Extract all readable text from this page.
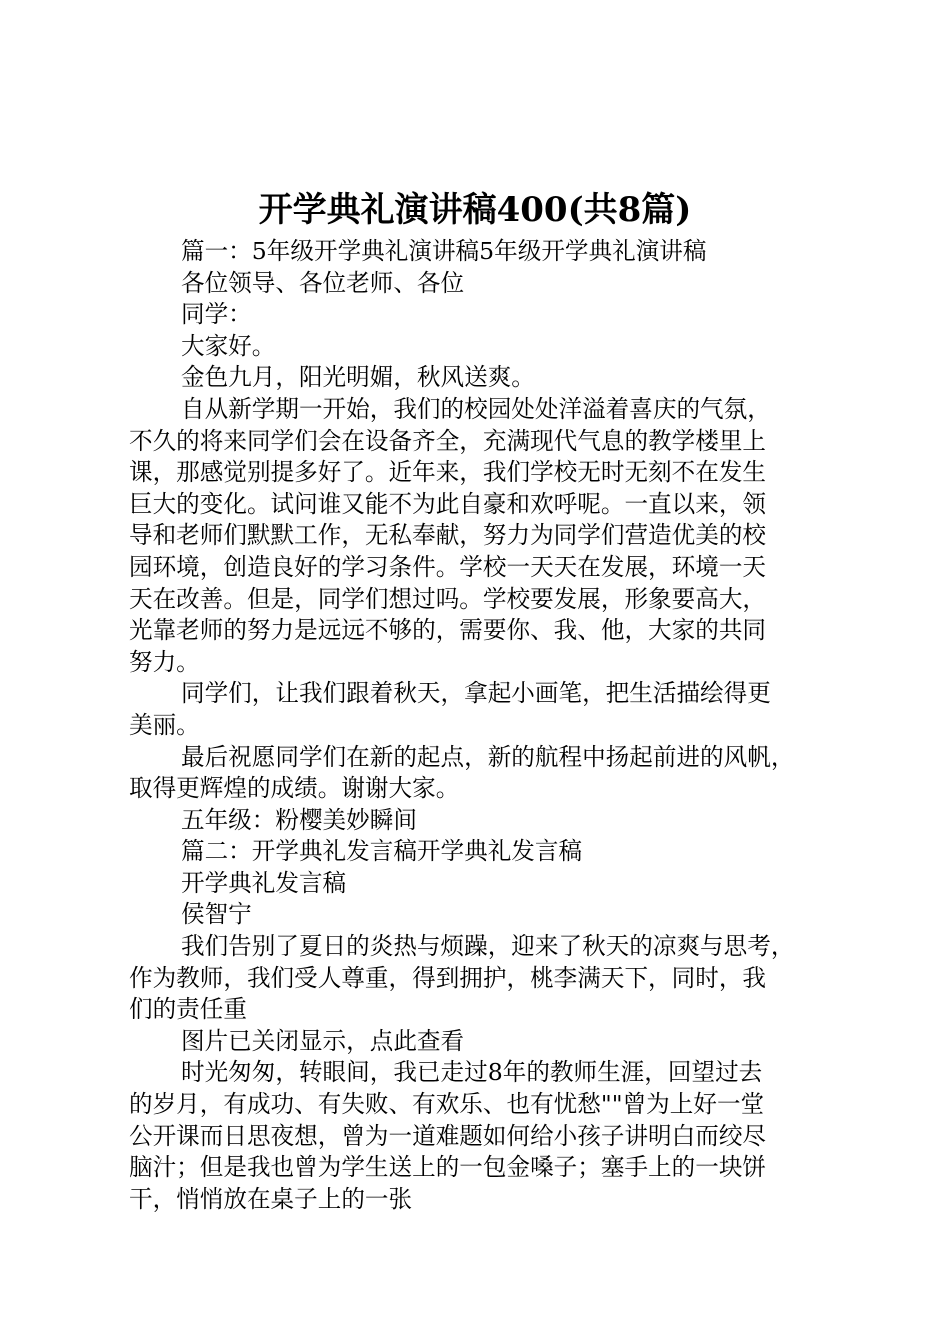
开学典礼演讲稿400(共8篇)
篇一：5年级开学典礼演讲稿5年级开学典礼演讲稿
各位领导、各位老师、各位
同学：
大家好。
金色九月，阳光明媚，秋风送爽。
自从新学期一开始，我们的校园处处洋溢着喜庆的气氛，
不久的将来同学们会在设备齐全，充满现代气息的教学楼里上
课，那感觉别提多好了。近年来，我们学校无时无刻不在发生
巨大的变化。试问谁又能不为此自豪和欢呼呢。一直以来，领
导和老师们默默工作，无私奉献，努力为同学们营造优美的校
园环境，创造良好的学习条件。学校一天天在发展，环境一天
天在改善。但是，同学们想过吗。学校要发展，形象要高大，
光靠老师的努力是远远不够的，需要你、我、他，大家的共同
努力。
同学们，让我们跟着秋天，拿起小画笔，把生活描绘得更
美丽。
最后祝愿同学们在新的起点，新的航程中扬起前进的风帆，
取得更辉煌的成绩。谢谢大家。
五年级：粉樱美妙瞬间
篇二：开学典礼发言稿开学典礼发言稿
开学典礼发言稿
侯智宁
我们告别了夏日的炎热与烦躁，迎来了秋天的凉爽与思考，
作为教师，我们受人尊重，得到拥护，桃李满天下，同时，我
们的责任重
图片已关闭显示，点此查看
时光匆匆，转眼间，我已走过8年的教师生涯，回望过去
的岁月，有成功、有失败、有欢乐、也有忧愁""曾为上好一堂
公开课而日思夜想，曾为一道难题如何给小孩子讲明白而绞尽
脑汁；但是我也曾为学生送上的一包金嗓子；塞手上的一块饼
干，悄悄放在桌子上的一张
